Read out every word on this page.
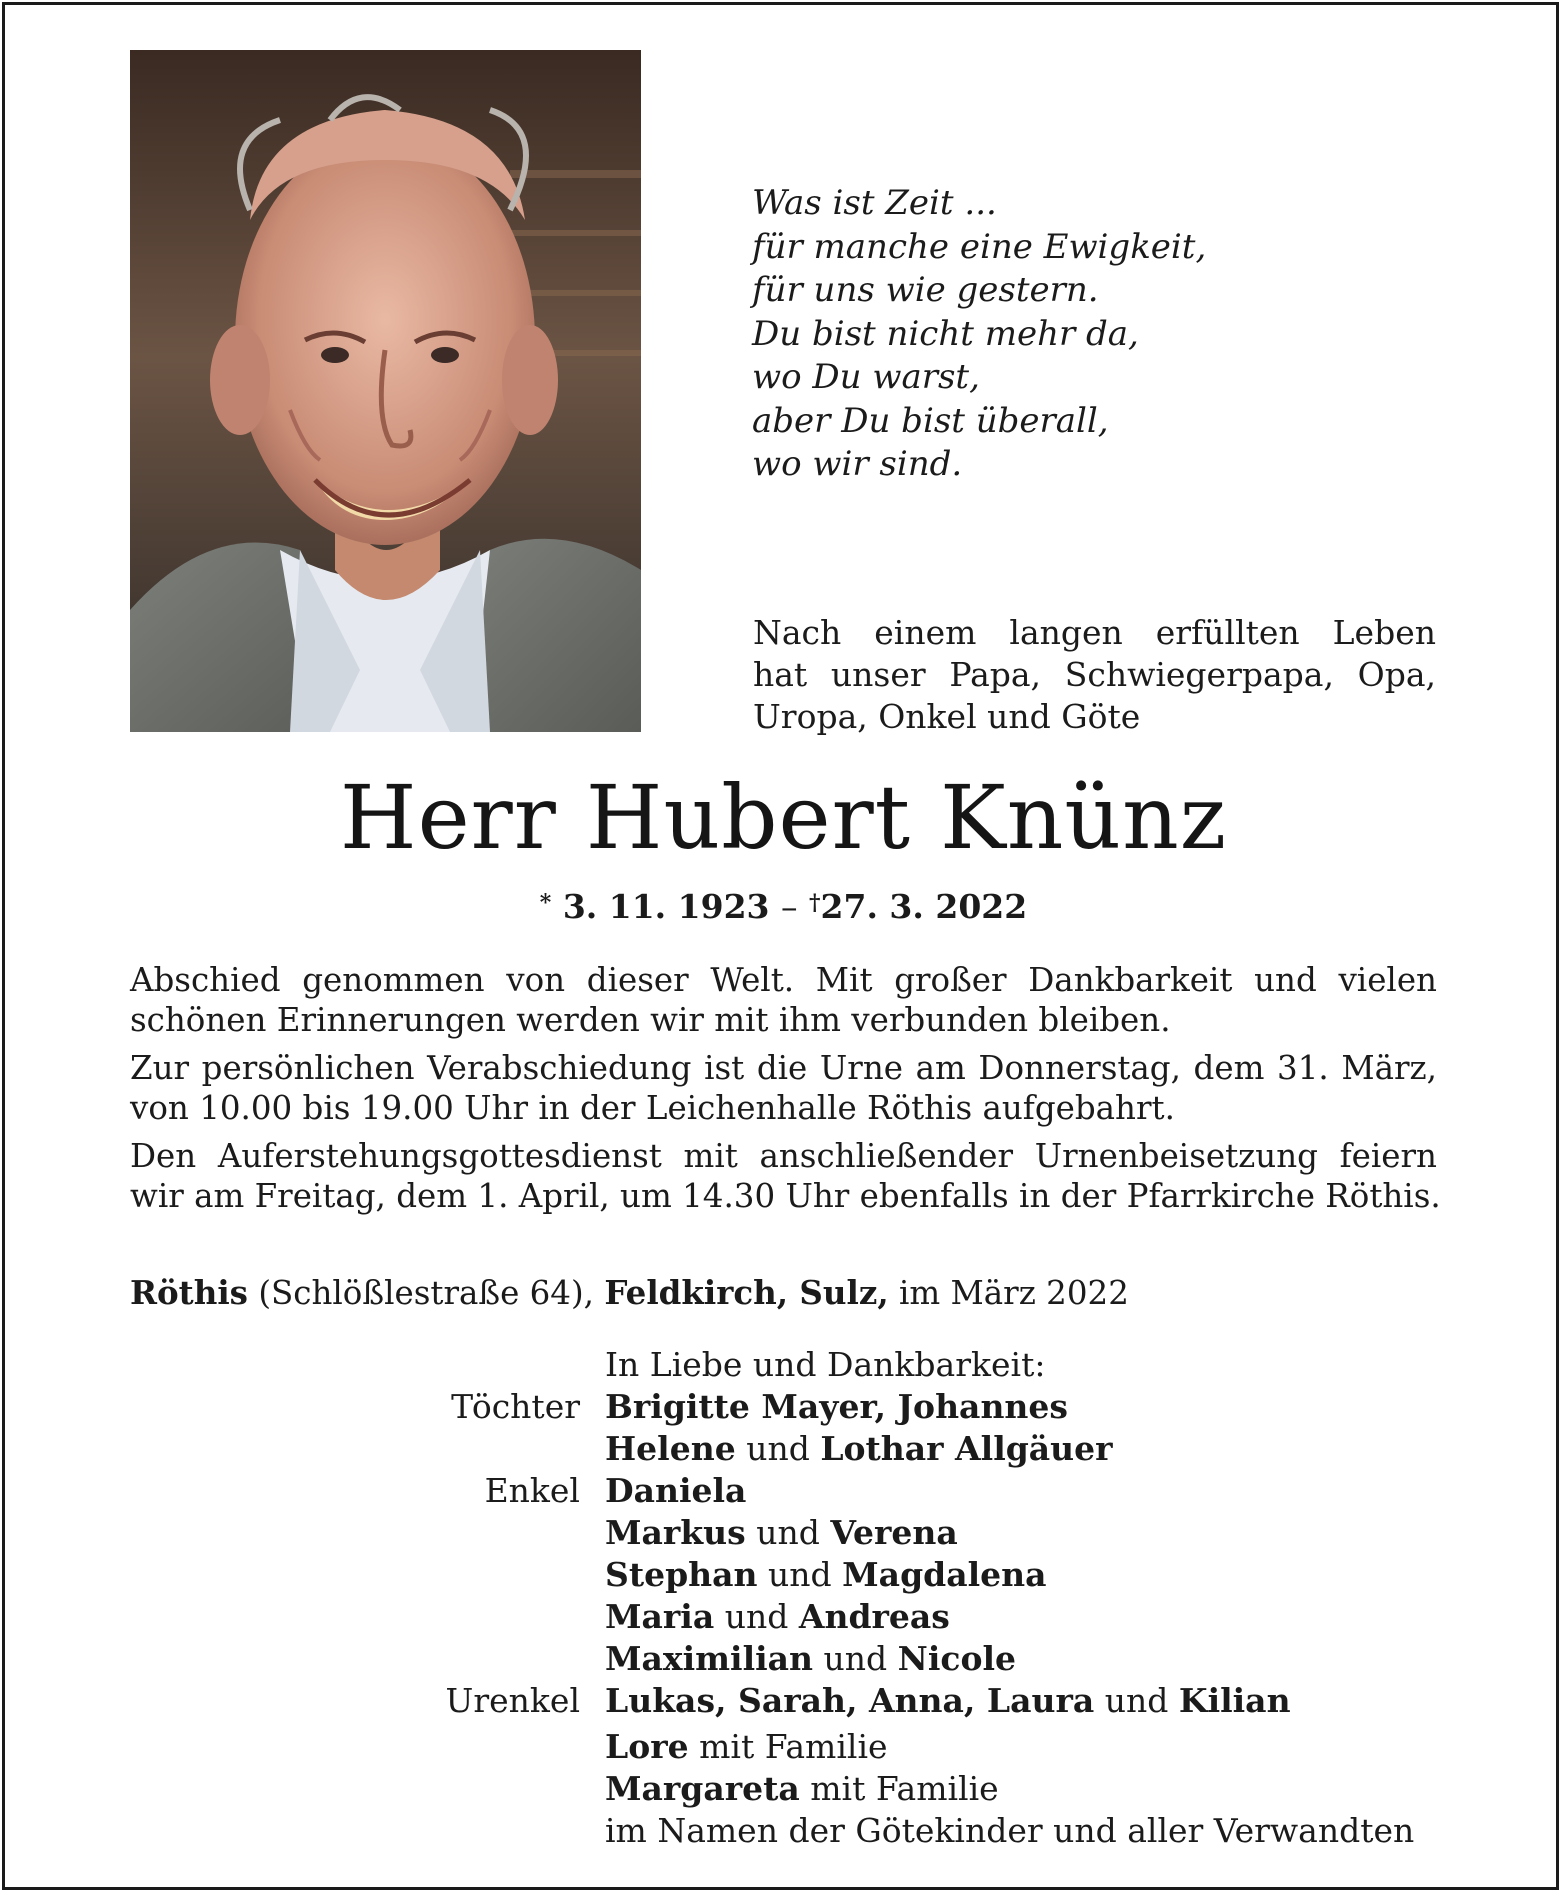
Was ist Zeit ...
für manche eine Ewigkeit,
für uns wie gestern.
Du bist nicht mehr da,
wo Du warst,
aber Du bist überall,
wo wir sind.
Nach einem langen erfüllten Leben
hat unser Papa, Schwiegerpapa, Opa,
Uropa, Onkel und Göte
Herr Hubert Knünz
* 3. 11. 1923 – †27. 3. 2022
Abschied genommen von dieser Welt. Mit großer Dankbarkeit und vielen
schönen Erinnerungen werden wir mit ihm verbunden bleiben.
Zur persönlichen Verabschiedung ist die Urne am Donnerstag, dem 31. März,
von 10.00 bis 19.00 Uhr in der Leichenhalle Röthis aufgebahrt.
Den Auferstehungsgottesdienst mit anschließender Urnenbeisetzung feiern
wir am Freitag, dem 1. April, um 14.30 Uhr ebenfalls in der Pfarrkirche Röthis.
Röthis (Schlößlestraße 64), Feldkirch, Sulz, im März 2022
In Liebe und Dankbarkeit:
Töchter Brigitte Mayer, Johannes
Helene und Lothar Allgäuer
Enkel Daniela
Markus und Verena
Stephan und Magdalena
Maria und Andreas
Maximilian und Nicole
Urenkel Lukas, Sarah, Anna, Laura und Kilian
Lore mit Familie
Margareta mit Familie
im Namen der Götekinder und aller Verwandten
